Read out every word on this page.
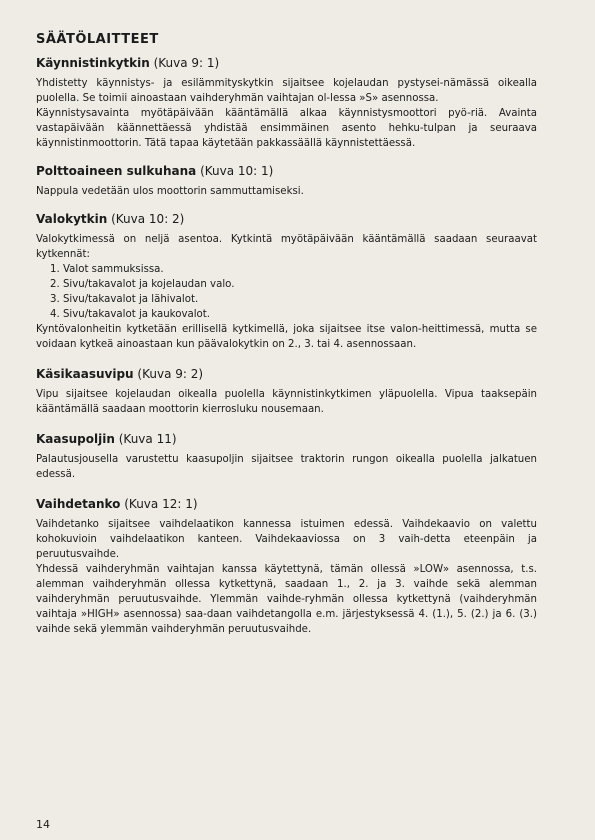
SÄÄTÖLAITTEET
Käynnistinkytkin (Kuva 9: 1)

Yhdistetty käynnistys- ja esilämmityskytkin sijaitsee kojelaudan pystysei-nämässä oikealla puolella. Se toimii ainoastaan vaihderyhmän vaihtajan ol-lessa »S» asennossa.

Käynnistysavainta myötäpäivään kääntämällä alkaa käynnistysmoottori pyö-riä. Avainta vastapäivään käännettäessä yhdistää ensimmäinen asento hehku-tulpan ja seuraava käynnistinmoottorin. Tätä tapaa käytetään pakkassäällä käynnistettäessä.

Polttoaineen sulkuhana (Kuva 10: 1)

Nappula vedetään ulos moottorin sammuttamiseksi.

Valokytkin (Kuva 10: 2)

Valokytkimessä on neljä asentoa. Kytkintä myötäpäivään kääntämällä saadaan seuraavat kytkennät:

1. Valot sammuksissa.
2. Sivu/takavalot ja kojelaudan valo.
3. Sivu/takavalot ja lähivalot.
4. Sivu/takavalot ja kaukovalot.

Kyntövalonheitin kytketään erillisellä kytkimellä, joka sijaitsee itse valon-heittimessä, mutta se voidaan kytkeä ainoastaan kun päävalokytkin on 2., 3. tai 4. asennossaan.

Käsikaasuvipu (Kuva 9: 2)

Vipu sijaitsee kojelaudan oikealla puolella käynnistinkytkimen yläpuolella. Vipua taaksepäin kääntämällä saadaan moottorin kierrosluku nousemaan.

Kaasupoljin (Kuva 11)

Palautusjousella varustettu kaasupoljin sijaitsee traktorin rungon oikealla puolella jalkatuen edessä.

Vaihdetanko (Kuva 12: 1)

Vaihdetanko sijaitsee vaihdelaatikon kannessa istuimen edessä. Vaihdekaavio on valettu kohokuvioin vaihdelaatikon kanteen. Vaihdekaaviossa on 3 vaih-detta eteenpäin ja peruutusvaihde.

Yhdessä vaihderyhmän vaihtajan kanssa käytettynä, tämän ollessä »LOW» asennossa, t.s. alemman vaihderyhmän ollessa kytkettynä, saadaan 1., 2. ja 3. vaihde sekä alemman vaihderyhmän peruutusvaihde. Ylemmän vaihde-ryhmän ollessa kytkettynä (vaihderyhmän vaihtaja »HIGH» asennossa) saa-daan vaihdetangolla e.m. järjestyksessä 4. (1.), 5. (2.) ja 6. (3.) vaihde sekä ylemmän vaihderyhmän peruutusvaihde.

14
